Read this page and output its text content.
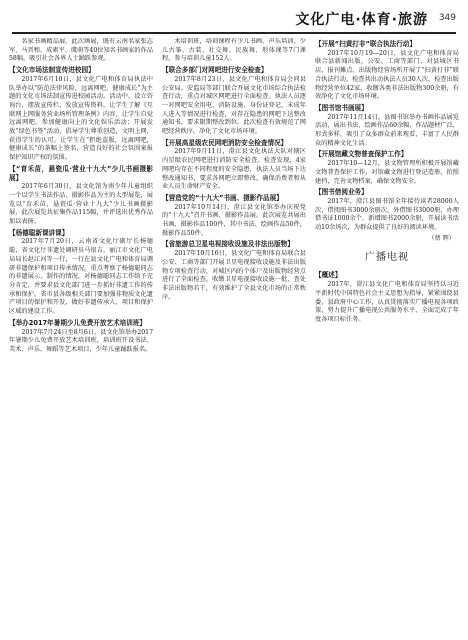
文化广电·体育·旅游 349

名家书画精品展、此次画展，既有云南名家张志军、马晋和、成素平、虞萌等40位知名书画家的作品58幅，吸引社会各界人士踊跃参观。

【文化市场法制宣传进校园】

2017年6月10日，县文化广电和体育局执法中队举办以“防范法律风险，远离网吧、健康成长”为主题的文化市场法制宣传进校园活动。活动中，设立咨询台，摆放宣传栏，发放宣传资料，让学生了解《互联网上网服务营业场所管理条例》内容，让学生自觉远离网吧。参加健康向上的文化娱乐活动；开展发放“绿色书签”活动，倡导学生尊重创造，文明上网，获得学生的认可。让学生在“拒绝盗版，远离网吧，健康成长”的条幅上签名，营造良好的社会氛围案报保护知识产权的氛围。

【“育禾苗，悬瓷瓜·营业十九大”少儿书画摄影展】

2017年6月30日，县文化馆为南少年儿童组织一个以学生书法作品、摄影作品为主的大型展览，展览以“育禾苗，悬瓷瓜·营业十九大”少儿书画摄影展，此次展览共征集作品115幅，并评选出优秀作品加以表扬。

【杨德聪新课讲课】

2017年7月20日，云南省文化厅副厅长杨德聪，省文化厅非遗处调研员马银吉，丽江市文化广电局局长赵江河等一行，一行在县文化广电和体育局调研非遗保护和项目传承情况。重点考察了杨德聪同志的非遗展示、制作的情况，对杨德聪同志工作给予充分肯定，并要求县文化部门进一步抓好非遗工作的传承和保护。省市县各级相关部门要加强非物质文化遗产项目的保护和开发，做好非遗传承人、项目和保护区域的建设工作。

【举办2017年暑期少儿免费开放艺术培训班】

2017年7月24日至8月6日，县文化馆举办2017年暑期少儿免费开放艺术培训班，培训班开设书法、美术、声乐、舞蹈等艺术项目，少年儿童踊跃报名。

术培训班，培训课程有少儿书画、声乐培训、少儿古筝、古装、社交舞、民族舞、形体课等7门课程，参与培训儿童152人。

【联合多部门对网吧进行安全检查】

2017年8月23日，县文化广电和体育局会同县公安局、安监局等部门联合开展文化市场综合执法检查行动，重点对城区网吧进行全面检查。执法人员逐一对网吧安全用电、消防设施、身份证登记、未成年人进入等情况进行检查，对存在隐患的网吧下达整改通知书，要求限期整改到位。此次检查有效规范了网吧经营秩序，净化了文化市场环境。

【开展高星级农民网吧消防安全检查情况】

2017年9月11日，澄江县文化执法大队对辖区内星级农民网吧进行消防安全检查。检查发现，4家网吧均存在不同程度的安全隐患，执法人员当场下达整改通知书，要求各网吧立即整改，确保消费者和从业人员生命财产安全。

【营造党的“十九大”书画、摄影作品展】

2017年10月14日，澄江县文化馆举办庆祝党的“十九大”召开书画、摄影作品展。此次展览共展出书画、摄影作品100件，其中书法、绘画作品50件，摄影作品50件。

【省旅游总卫星电视接收设施及非法出版物】

2017年10月16日，县文化广电和体育局联合县公安、工商等部门开展卫星电视接收设施及非法出版物专项检查行动，对城区内的个体户及出版物经营点进行了全面检查，收缴卫星电视接收设施一批，查处非法出版物若干，有效维护了全县文化市场的正常秩序。

【开展“扫黄打非”联合执法行动】

2017年10月19—20日，县文化广电和体育局联合县新闻出版、公安、工商等部门，对县城区书店、报刊摊点、出版物经营场所开展了“扫黄打非”联合执法行动。检查共出动执法人员30人次，检查出版物经营单位42家，收缴各类非法出版物300余册，有效净化了文化市场环境。

【图书馆书画展】

2017年11月14日，县图书馆举办书画作品展览活动，展出书法、绘画作品60余幅，作品题材广泛，形式多样，吸引了众多群众前来观看，丰富了人民群众的精神文化生活。

【开展馆藏文物普查保护工作】

2017年10—12月，县文物管理所积极开展馆藏文物普查保护工作，对馆藏文物进行登记造册、拍照建档，完善文物档案，确保文物安全。

【图书借阅业务】

2017年，澄江县图书馆全年接待读者28000人次，借阅图书3000余册次，外借图书3000册，办理借书证1000余个，新增图书2000余册，开展读书活动10余场次，为群众提供了良好的阅读环境。

（蔡 辉）

广播电视
【概述】

2017年，澄江县文化广电和体育局坚持以习近平新时代中国特色社会主义思想为指导，紧紧围绕县委、县政府中心工作，认真贯彻落实广播电视各项政策，努力提升广播电视公共服务水平，全面完成了年度各项目标任务。
